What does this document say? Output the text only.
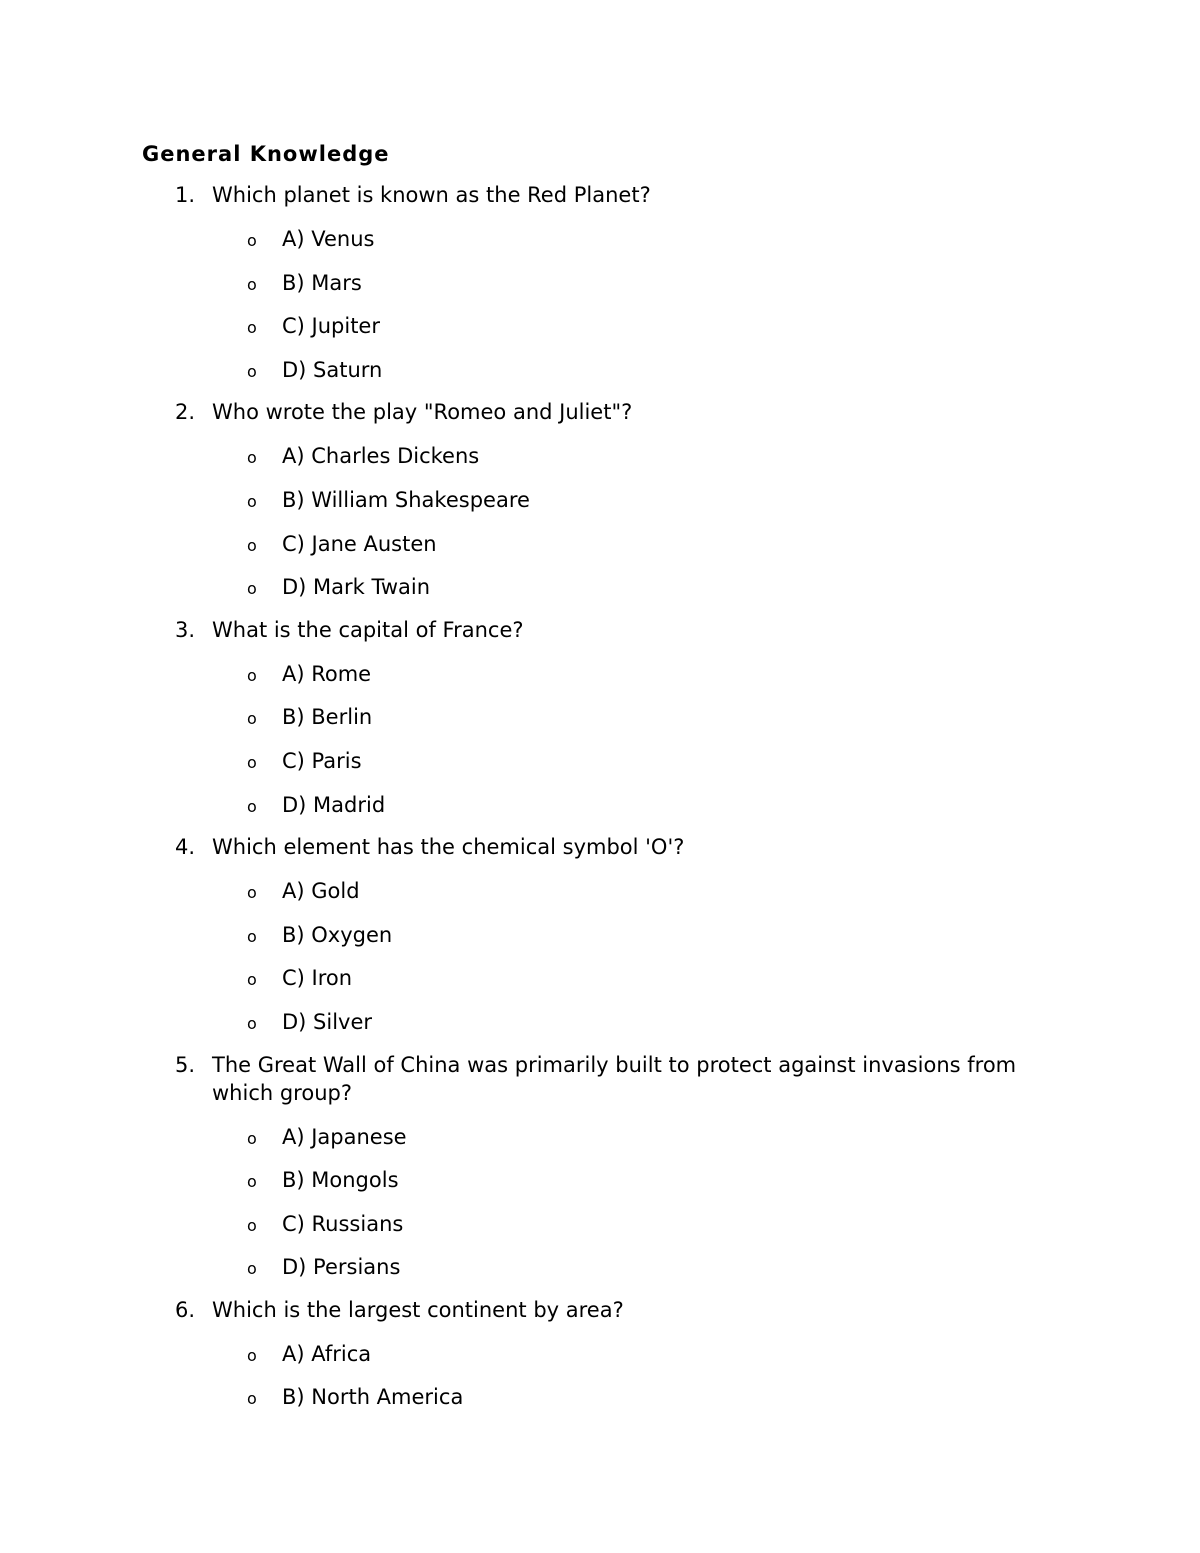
General Knowledge
1. Which planet is known as the Red Planet?
o A) Venus
o B) Mars
o C) Jupiter
o D) Saturn
2. Who wrote the play "Romeo and Juliet"?
o A) Charles Dickens
o B) William Shakespeare
o C) Jane Austen
o D) Mark Twain
3. What is the capital of France?
o A) Rome
o B) Berlin
o C) Paris
o D) Madrid
4. Which element has the chemical symbol 'O'?
o A) Gold
o B) Oxygen
o C) Iron
o D) Silver
5. The Great Wall of China was primarily built to protect against invasions from which group?
o A) Japanese
o B) Mongols
o C) Russians
o D) Persians
6. Which is the largest continent by area?
o A) Africa
o B) North America
